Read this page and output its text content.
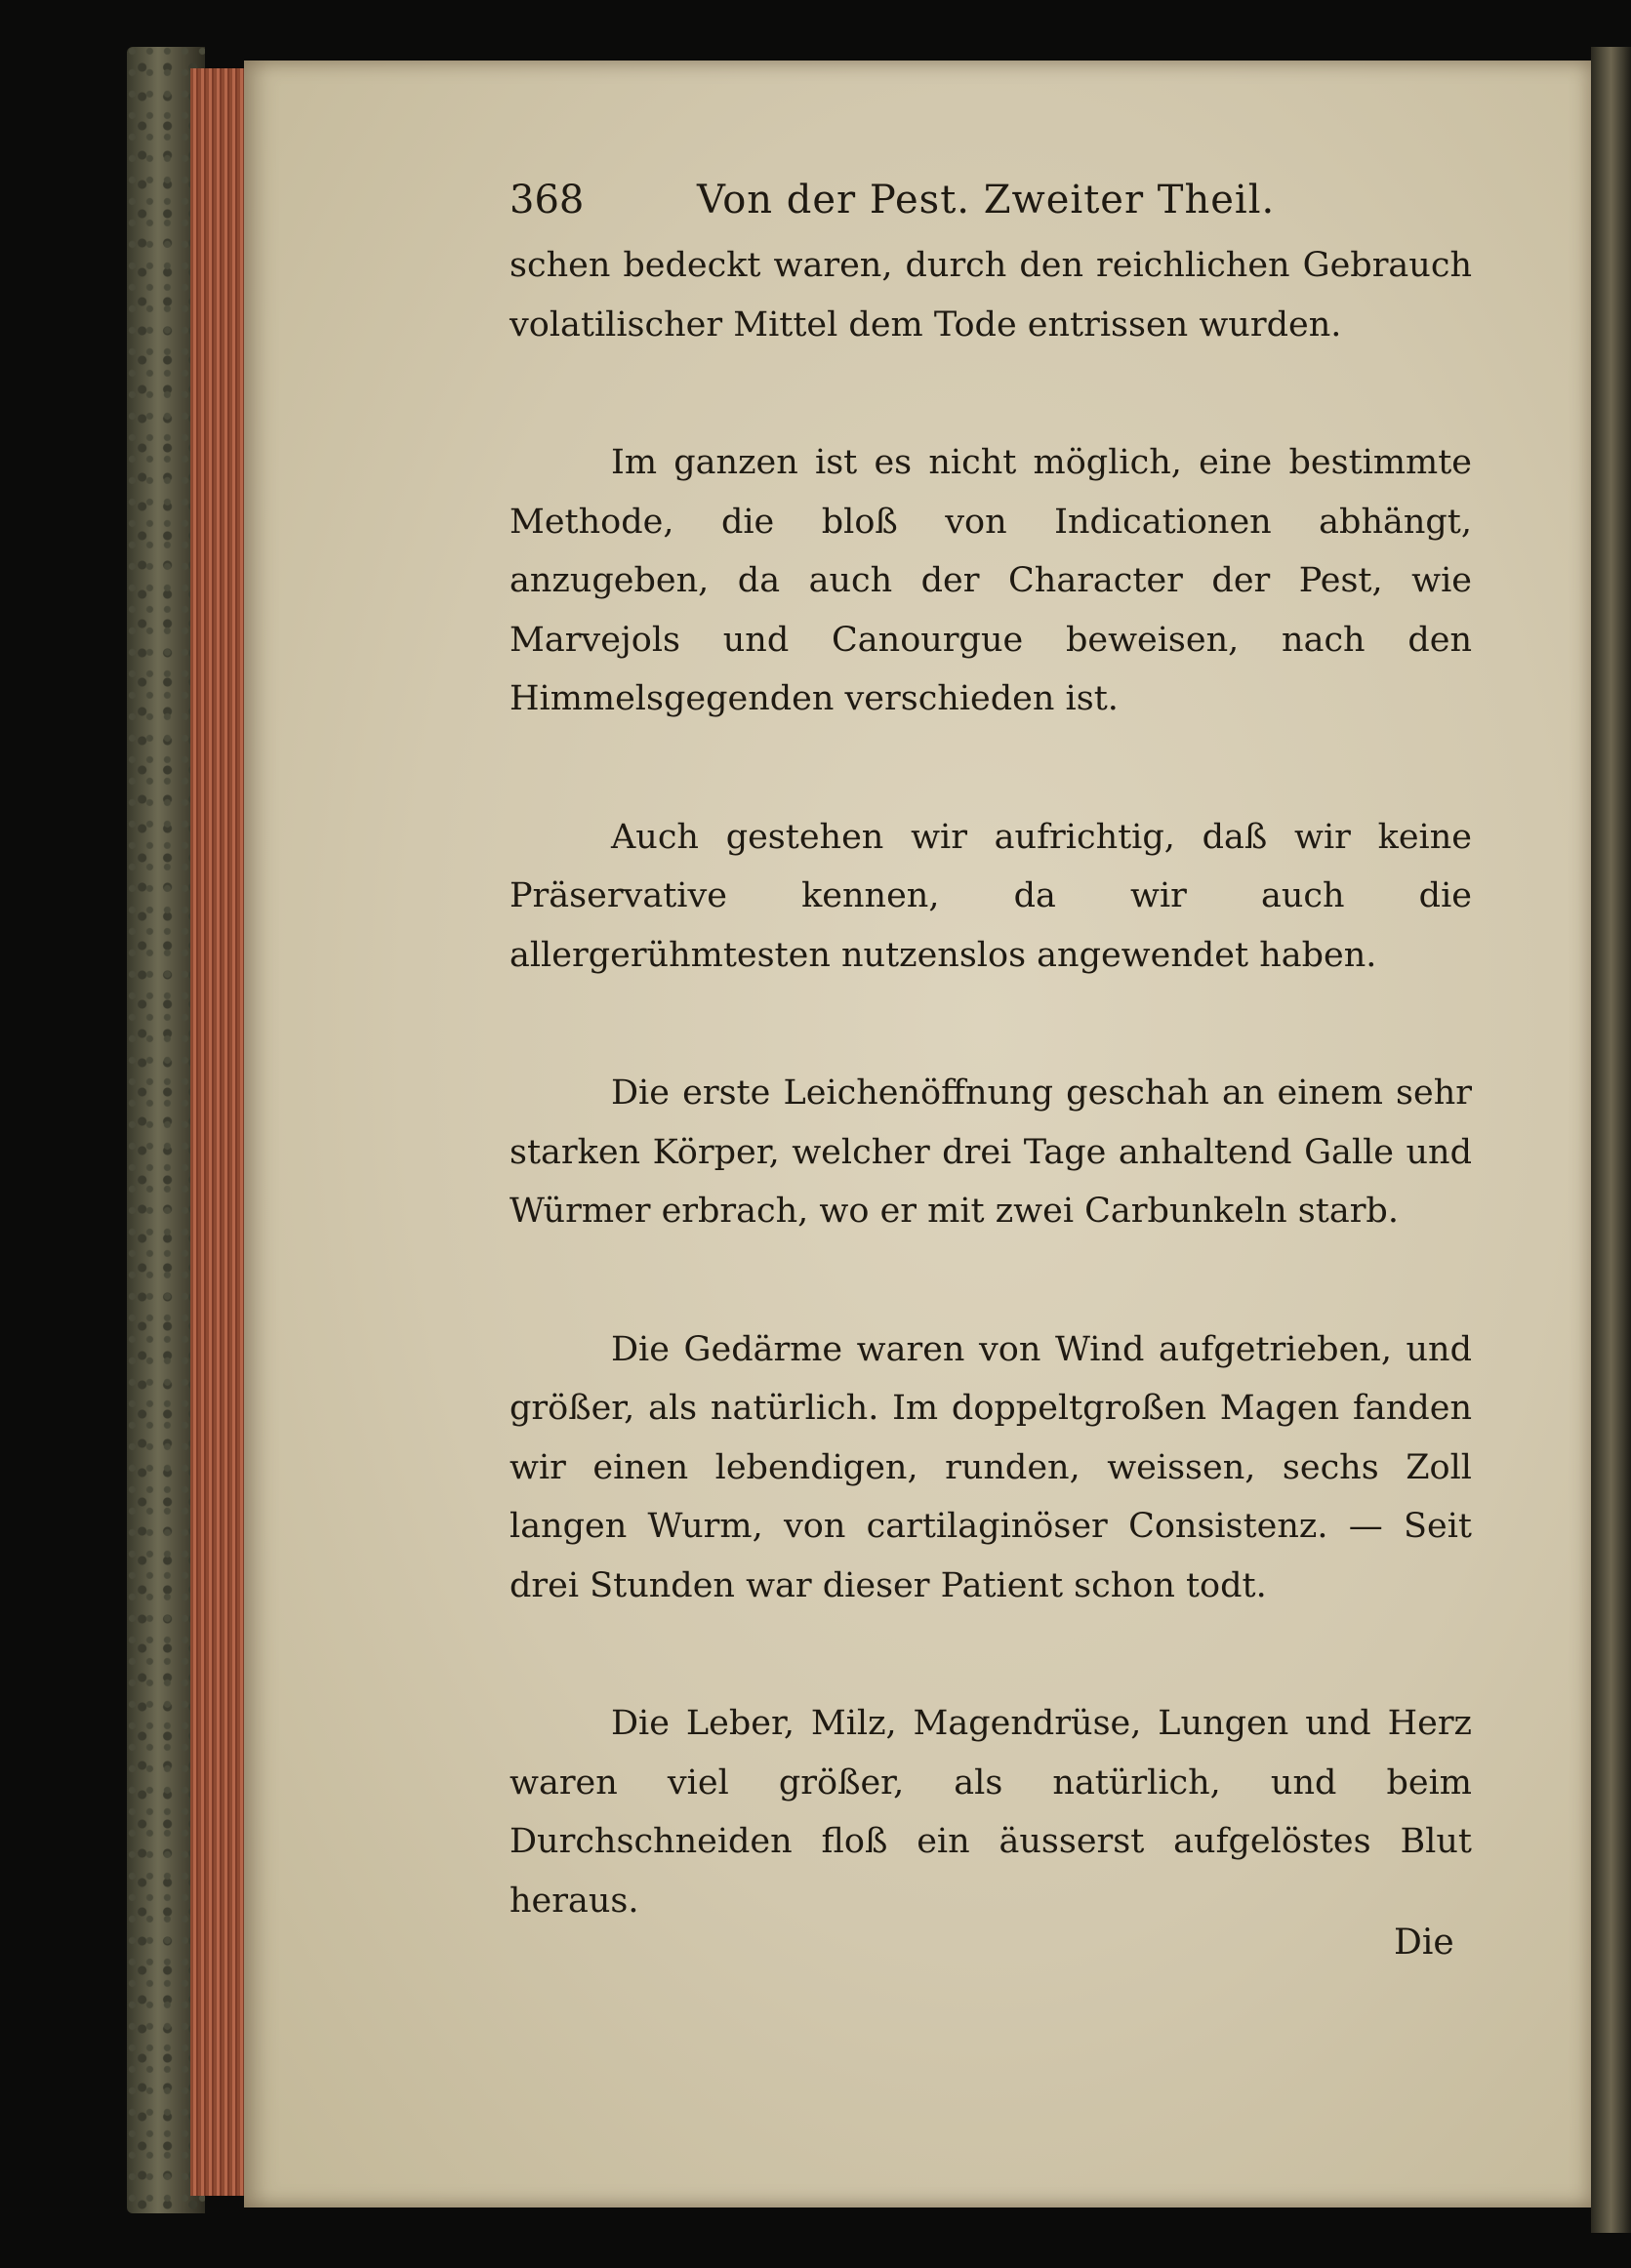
368	Von der Pest. Zweiter Theil.

schen bedeckt waren, durch den reichlichen Gebrauch volatilischer Mittel dem Tode entrissen wurden.

Im ganzen ist es nicht möglich, eine bestimmte Methode, die bloß von Indicationen abhängt, anzugeben, da auch der Character der Pest, wie Marvejols und Canourgue beweisen, nach den Himmelsgegenden verschieden ist.

Auch gestehen wir aufrichtig, daß wir keine Präservative kennen, da wir auch die allergerühmtesten nutzenslos angewendet haben.

Die erste Leichenöffnung geschah an einem sehr starken Körper, welcher drei Tage anhaltend Galle und Würmer erbrach, wo er mit zwei Carbunkeln starb.

Die Gedärme waren von Wind aufgetrieben, und größer, als natürlich. Im doppeltgroßen Magen fanden wir einen lebendigen, runden, weissen, sechs Zoll langen Wurm, von cartilaginöser Consistenz. — Seit drei Stunden war dieser Patient schon todt.

Die Leber, Milz, Magendrüse, Lungen und Herz waren viel größer, als natürlich, und beim Durchschneiden floß ein äusserst aufgelöstes Blut heraus.

Die
